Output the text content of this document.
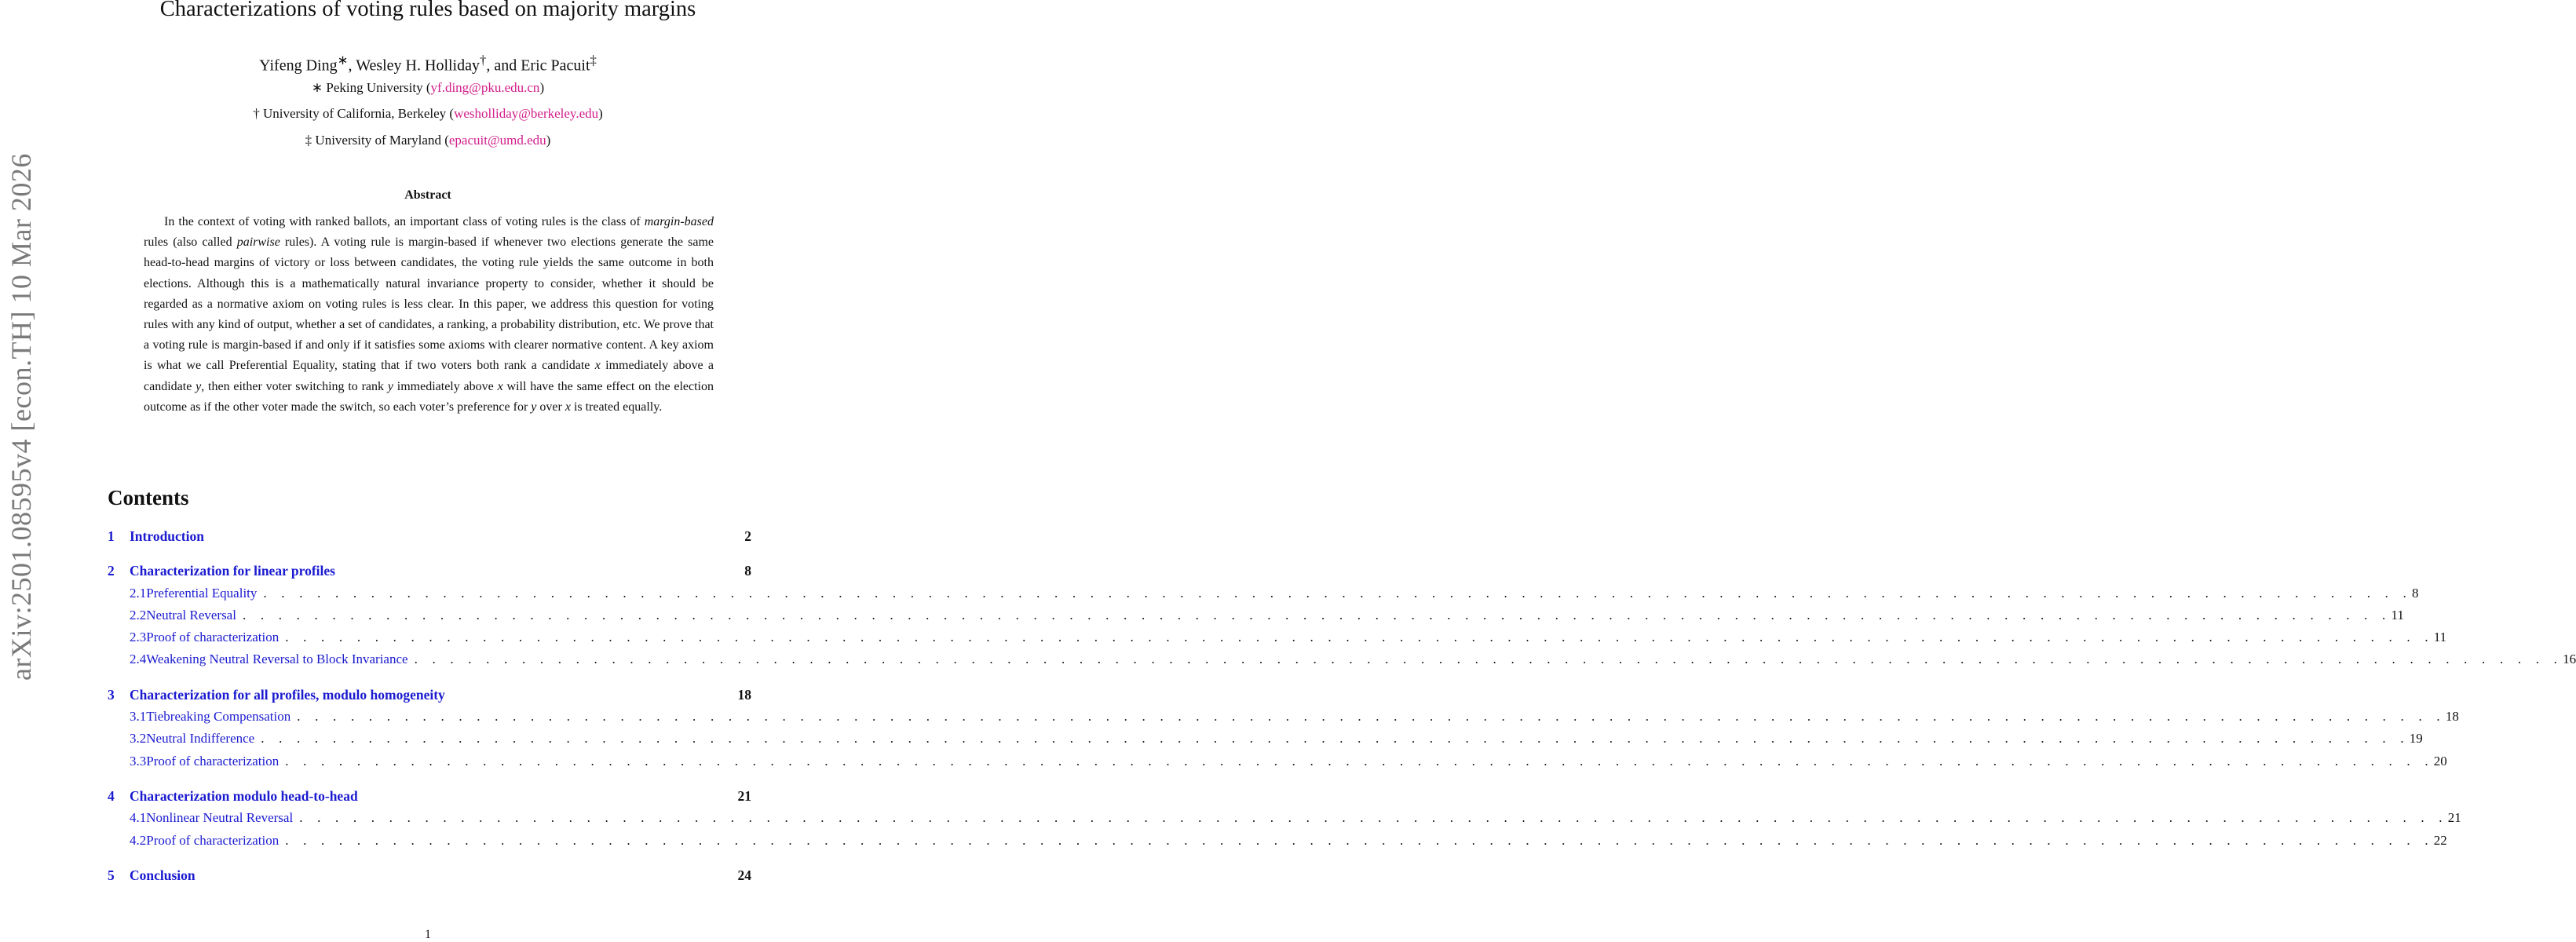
arXiv:2501.08595v4 [econ.TH] 10 Mar 2026
Characterizations of voting rules based on majority margins
Yifeng Ding∗, Wesley H. Holliday†, and Eric Pacuit‡
∗ Peking University (yf.ding@pku.edu.cn)
† University of California, Berkeley (wesholliday@berkeley.edu)
‡ University of Maryland (epacuit@umd.edu)
Abstract

In the context of voting with ranked ballots, an important class of voting rules is the class of margin-based rules (also called pairwise rules). A voting rule is margin-based if whenever two elections generate the same head-to-head margins of victory or loss between candidates, the voting rule yields the same outcome in both elections. Although this is a mathematically natural invariance property to consider, whether it should be regarded as a normative axiom on voting rules is less clear. In this paper, we address this question for voting rules with any kind of output, whether a set of candidates, a ranking, a probability distribution, etc. We prove that a voting rule is margin-based if and only if it satisfies some axioms with clearer normative content. A key axiom is what we call Preferential Equality, stating that if two voters both rank a candidate x immediately above a candidate y, then either voter switching to rank y immediately above x will have the same effect on the election outcome as if the other voter made the switch, so each voter’s preference for y over x is treated equally.

Contents
1	Introduction	2
2	Characterization for linear profiles	8
2.1 Preferential Equality . . . . . . . . . . . . . . . . . . . . . . . . . . . . . . . . . . . . . . . . . . . . . . . . . . . . . . . . . . . . . . . . . . . . . . . . . . . . . . . . . . . . . . . . . . . . . . . . . . . . . . . . . . . . . . . . . . . . . . . . 8
2.2 Neutral Reversal . . . . . . . . . . . . . . . . . . . . . . . . . . . . . . . . . . . . . . . . . . . . . . . . . . . . . . . . . . . . . . . . . . . . . . . . . . . . . . . . . . . . . . . . . . . . . . . . . . . . . . . . . . . . . . . . . . . . . . . . 11
2.3 Proof of characterization . . . . . . . . . . . . . . . . . . . . . . . . . . . . . . . . . . . . . . . . . . . . . . . . . . . . . . . . . . . . . . . . . . . . . . . . . . . . . . . . . . . . . . . . . . . . . . . . . . . . . . . . . . . . . . . . . . . . . . . . 11
2.4 Weakening Neutral Reversal to Block Invariance . . . . . . . . . . . . . . . . . . . . . . . . . . . . . . . . . . . . . . . . . . . . . . . . . . . . . . . . . . . . . . . . . . . . . . . . . . . . . . . . . . . . . . . . . . . . . . . . . . . . . . . . . . . . . . . . . . . . . . . . 16
3	Characterization for all profiles, modulo homogeneity	18
3.1 Tiebreaking Compensation . . . . . . . . . . . . . . . . . . . . . . . . . . . . . . . . . . . . . . . . . . . . . . . . . . . . . . . . . . . . . . . . . . . . . . . . . . . . . . . . . . . . . . . . . . . . . . . . . . . . . . . . . . . . . . . . . . . . . . . . 18
3.2 Neutral Indifference . . . . . . . . . . . . . . . . . . . . . . . . . . . . . . . . . . . . . . . . . . . . . . . . . . . . . . . . . . . . . . . . . . . . . . . . . . . . . . . . . . . . . . . . . . . . . . . . . . . . . . . . . . . . . . . . . . . . . . . . 19
3.3 Proof of characterization . . . . . . . . . . . . . . . . . . . . . . . . . . . . . . . . . . . . . . . . . . . . . . . . . . . . . . . . . . . . . . . . . . . . . . . . . . . . . . . . . . . . . . . . . . . . . . . . . . . . . . . . . . . . . . . . . . . . . . . . 20
4	Characterization modulo head-to-head	21
4.1 Nonlinear Neutral Reversal . . . . . . . . . . . . . . . . . . . . . . . . . . . . . . . . . . . . . . . . . . . . . . . . . . . . . . . . . . . . . . . . . . . . . . . . . . . . . . . . . . . . . . . . . . . . . . . . . . . . . . . . . . . . . . . . . . . . . . . . 21
4.2 Proof of characterization . . . . . . . . . . . . . . . . . . . . . . . . . . . . . . . . . . . . . . . . . . . . . . . . . . . . . . . . . . . . . . . . . . . . . . . . . . . . . . . . . . . . . . . . . . . . . . . . . . . . . . . . . . . . . . . . . . . . . . . . 22
5	Conclusion	24
1
